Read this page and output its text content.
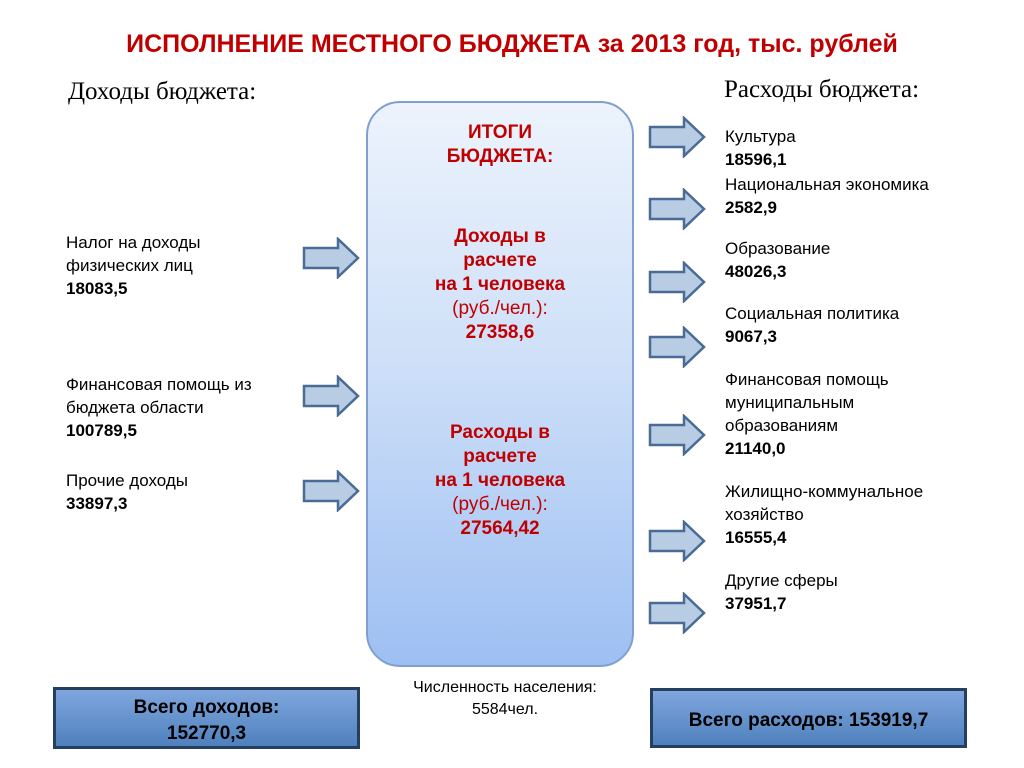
ИСПОЛНЕНИЕ МЕСТНОГО БЮДЖЕТА за 2013 год, тыс. рублей
Доходы бюджета:	Расходы бюджета:
Налог на доходы
физических лиц
18083,5
Финансовая помощь из
бюджета области
100789,5
Прочие доходы
33897,3
ИТОГИ
БЮДЖЕТА:
Доходы в
расчете
на 1 человека
(руб./чел.):
27358,6
Расходы в
расчете
на 1 человека
(руб./чел.):
27564,42
Культура
18596,1
Национальная экономика
2582,9
Образование
48026,3
Социальная политика
9067,3
Финансовая помощь
муниципальным
образованиям
21140,0
Жилищно-коммунальное
хозяйство
16555,4
Другие сферы
37951,7
Численность населения:
5584чел.
Всего доходов:
152770,3
Всего расходов: 153919,7
